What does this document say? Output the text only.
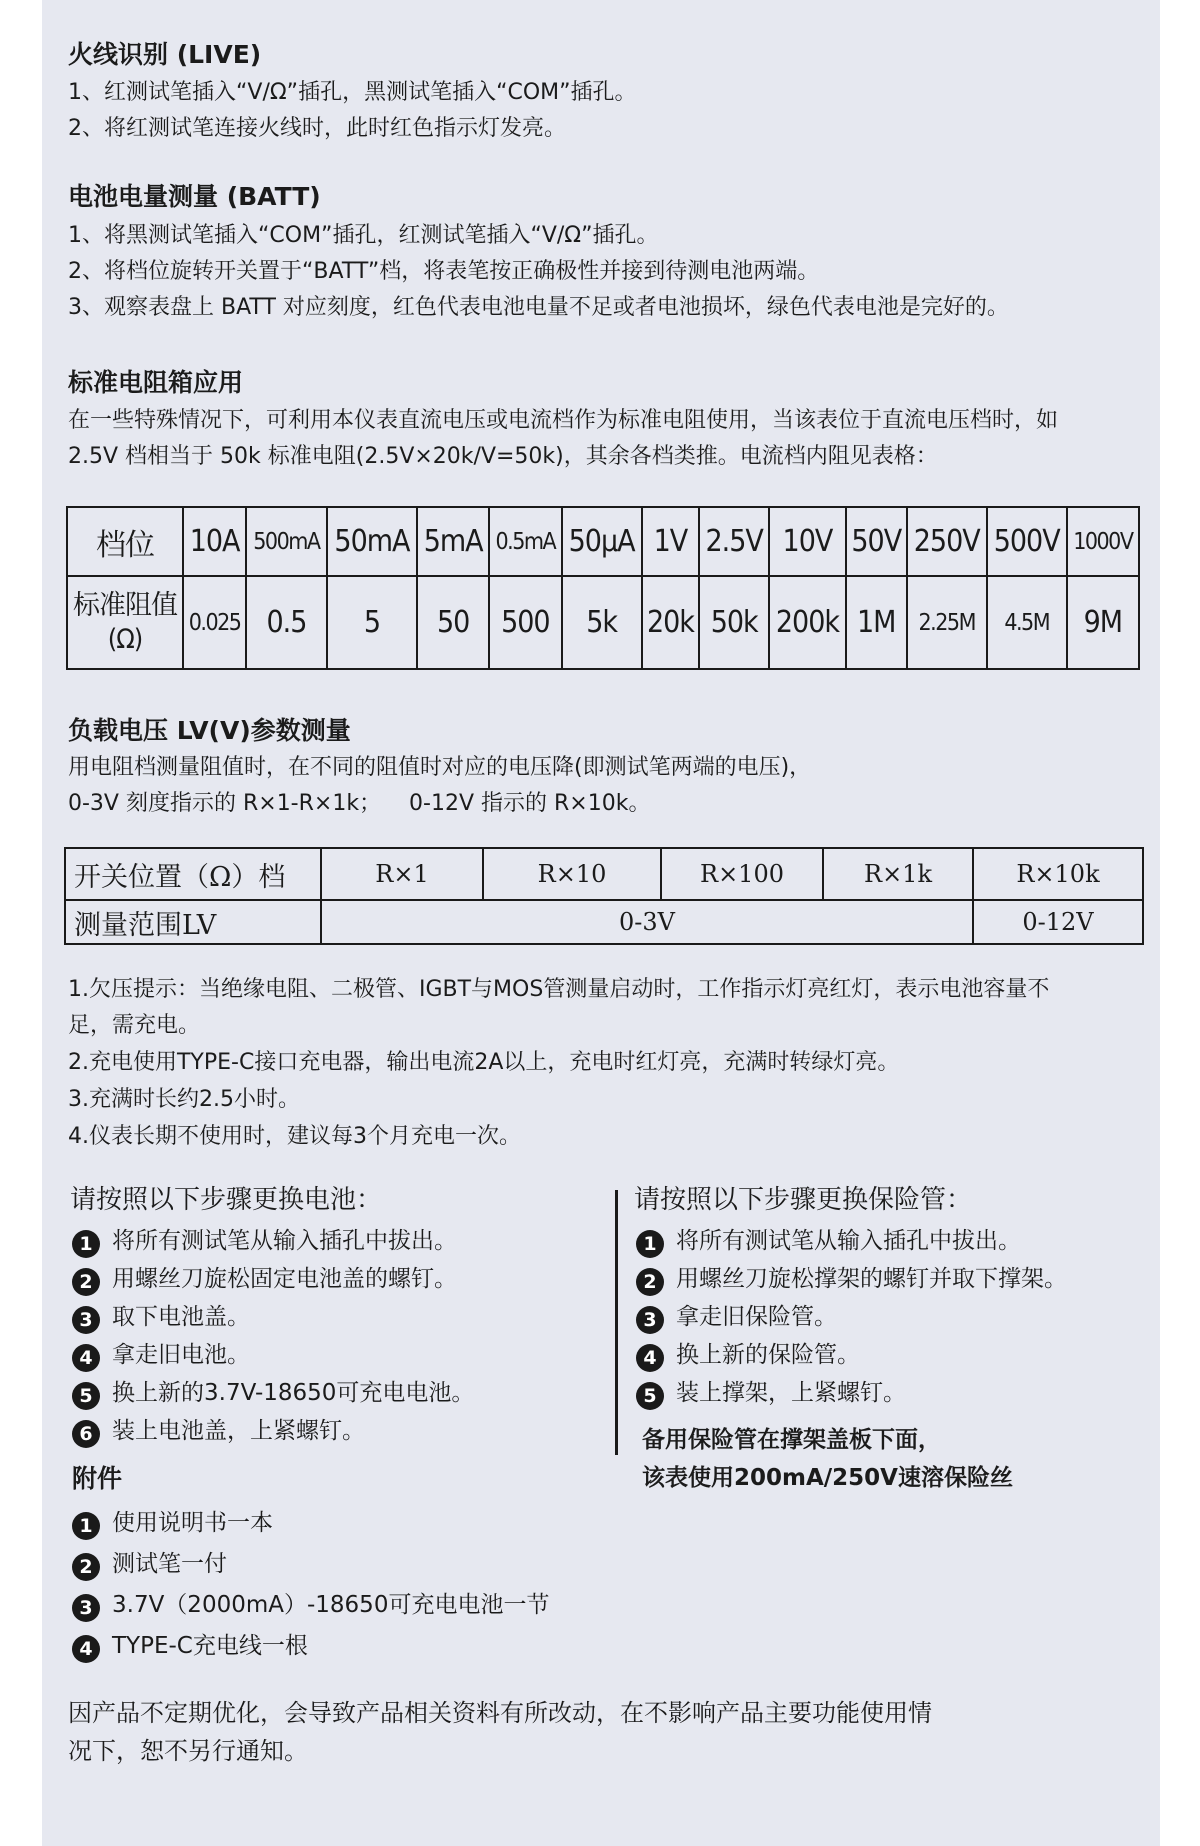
火线识别 (LIVE)
1、红测试笔插入“V/Ω”插孔，黑测试笔插入“COM”插孔。
2、将红测试笔连接火线时，此时红色指示灯发亮。
电池电量测量 (BATT)
1、将黑测试笔插入“COM”插孔，红测试笔插入“V/Ω”插孔。
2、将档位旋转开关置于“BATT”档，将表笔按正确极性并接到待测电池两端。
3、观察表盘上 BATT 对应刻度，红色代表电池电量不足或者电池损坏，绿色代表电池是完好的。
标准电阻箱应用
在一些特殊情况下，可利用本仪表直流电压或电流档作为标准电阻使用，当该表位于直流电压档时，如
2.5V 档相当于 50k 标准电阻(2.5V×20k/V=50k)，其余各档类推。电流档内阻见表格：
档位	10A	500mA	50mA	5mA	0.5mA	50μA	1V	2.5V	10V	50V	250V	500V	1000V

标准阻值
(Ω)	0.025	0.5	5	50	500	5k	20k	50k	200k	1M	2.25M	4.5M	9M
负载电压 LV(V)参数测量
用电阻档测量阻值时，在不同的阻值时对应的电压降(即测试笔两端的电压)，
0-3V 刻度指示的 R×1-R×1k；    0-12V 指示的 R×10k。
开关位置（Ω）档	R×1	R×10	R×100	R×1k	R×10k
测量范围LV	0-3V				0-12V
1.欠压提示：当绝缘电阻、二极管、IGBT与MOS管测量启动时，工作指示灯亮红灯，表示电池容量不
足，需充电。
2.充电使用TYPE-C接口充电器，输出电流2A以上，充电时红灯亮，充满时转绿灯亮。
3.充满时长约2.5小时。
4.仪表长期不使用时，建议每3个月充电一次。
请按照以下步骤更换电池：
1 将所有测试笔从输入插孔中拔出。
2 用螺丝刀旋松固定电池盖的螺钉。
3 取下电池盖。
4 拿走旧电池。
5 换上新的3.7V-18650可充电电池。
6 装上电池盖，上紧螺钉。
请按照以下步骤更换保险管：
1 将所有测试笔从输入插孔中拔出。
2 用螺丝刀旋松撑架的螺钉并取下撑架。
3 拿走旧保险管。
4 换上新的保险管。
5 装上撑架，上紧螺钉。
备用保险管在撑架盖板下面，
该表使用200mA/250V速溶保险丝
附件
1 使用说明书一本
2 测试笔一付
3 3.7V（2000mA）-18650可充电电池一节
4 TYPE-C充电线一根
因产品不定期优化，会导致产品相关资料有所改动，在不影响产品主要功能使用情
况下，恕不另行通知。
